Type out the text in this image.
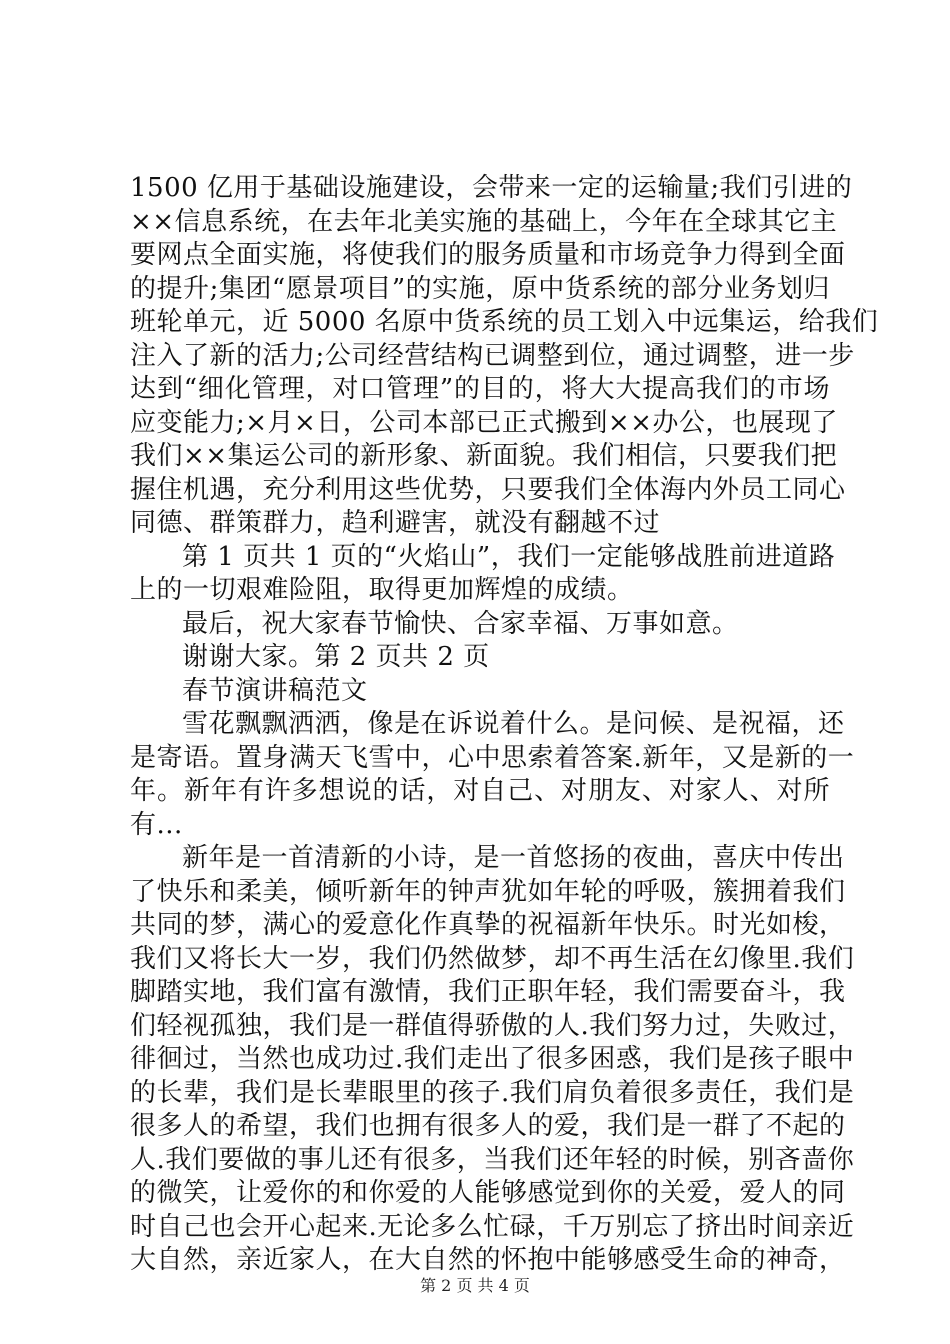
1500 亿用于基础设施建设，会带来一定的运输量;我们引进的
××信息系统，在去年北美实施的基础上，今年在全球其它主
要网点全面实施，将使我们的服务质量和市场竞争力得到全面
的提升;集团“愿景项目”的实施，原中货系统的部分业务划归
班轮单元，近 5000 名原中货系统的员工划入中远集运，给我们
注入了新的活力;公司经营结构已调整到位，通过调整，进一步
达到“细化管理，对口管理”的目的，将大大提高我们的市场
应变能力;×月×日，公司本部已正式搬到××办公，也展现了
我们××集运公司的新形象、新面貌。我们相信，只要我们把
握住机遇，充分利用这些优势，只要我们全体海内外员工同心
同德、群策群力，趋利避害，就没有翻越不过
第 1 页共 1 页的“火焰山”，我们一定能够战胜前进道路
上的一切艰难险阻，取得更加辉煌的成绩。
最后，祝大家春节愉快、合家幸福、万事如意。
谢谢大家。第 2 页共 2 页
春节演讲稿范文
雪花飘飘洒洒，像是在诉说着什么。是问候、是祝福，还
是寄语。置身满天飞雪中，心中思索着答案.新年，又是新的一
年。新年有许多想说的话，对自己、对朋友、对家人、对所
有...
新年是一首清新的小诗，是一首悠扬的夜曲，喜庆中传出
了快乐和柔美，倾听新年的钟声犹如年轮的呼吸，簇拥着我们
共同的梦，满心的爱意化作真挚的祝福新年快乐。时光如梭，
我们又将长大一岁，我们仍然做梦，却不再生活在幻像里.我们
脚踏实地，我们富有激情，我们正职年轻，我们需要奋斗，我
们轻视孤独，我们是一群值得骄傲的人.我们努力过，失败过，
徘徊过，当然也成功过.我们走出了很多困惑，我们是孩子眼中
的长辈，我们是长辈眼里的孩子.我们肩负着很多责任，我们是
很多人的希望，我们也拥有很多人的爱，我们是一群了不起的
人.我们要做的事儿还有很多，当我们还年轻的时候，别吝啬你
的微笑，让爱你的和你爱的人能够感觉到你的关爱，爱人的同
时自己也会开心起来.无论多么忙碌，千万别忘了挤出时间亲近
大自然，亲近家人，在大自然的怀抱中能够感受生命的神奇，
第 2 页 共 4 页
